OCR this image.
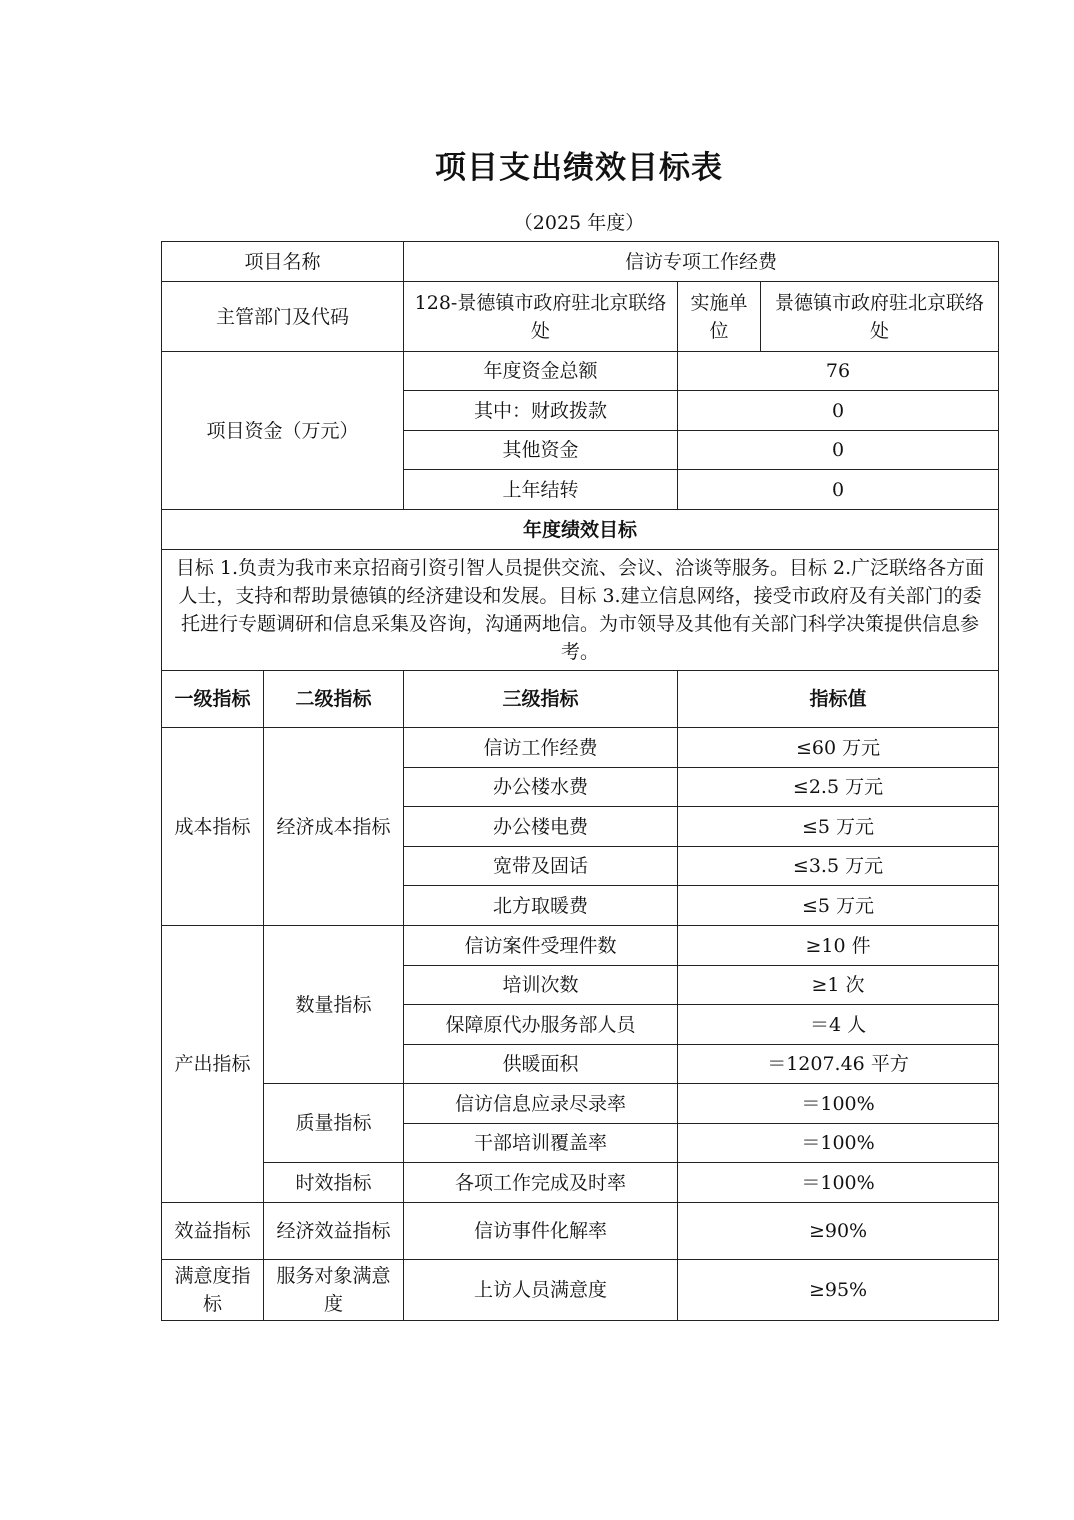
项目支出绩效目标表
（2025 年度）
项目名称		信访专项工作经费		
主管部门及代码		128-景德镇市政府驻北京联络处	实施单位	景德镇市政府驻北京联络处
项目资金（万元）		年度资金总额	76	
		其中：财政拨款	0	
		其他资金	0	
		上年结转	0	
年度绩效目标				
目标 1.负责为我市来京招商引资引智人员提供交流、会议、洽谈等服务。目标 2.广泛联络各方面人士，支持和帮助景德镇的经济建设和发展。目标 3.建立信息网络，接受市政府及有关部门的委托进行专题调研和信息采集及咨询，沟通两地信。为市领导及其他有关部门科学决策提供信息参考。				
一级指标	二级指标	三级指标	指标值	
成本指标	经济成本指标	信访工作经费	≤60 万元	
		办公楼水费	≤2.5 万元	
		办公楼电费	≤5 万元	
		宽带及固话	≤3.5 万元	
		北方取暖费	≤5 万元	
产出指标	数量指标	信访案件受理件数	≥10 件	
		培训次数	≥1 次	
		保障原代办服务部人员	＝4 人	
		供暖面积	＝1207.46 平方	
	质量指标	信访信息应录尽录率	＝100%	
		干部培训覆盖率	＝100%	
	时效指标	各项工作完成及时率	＝100%	
效益指标	经济效益指标	信访事件化解率	≥90%	
满意度指标	服务对象满意度	上访人员满意度	≥95%	
